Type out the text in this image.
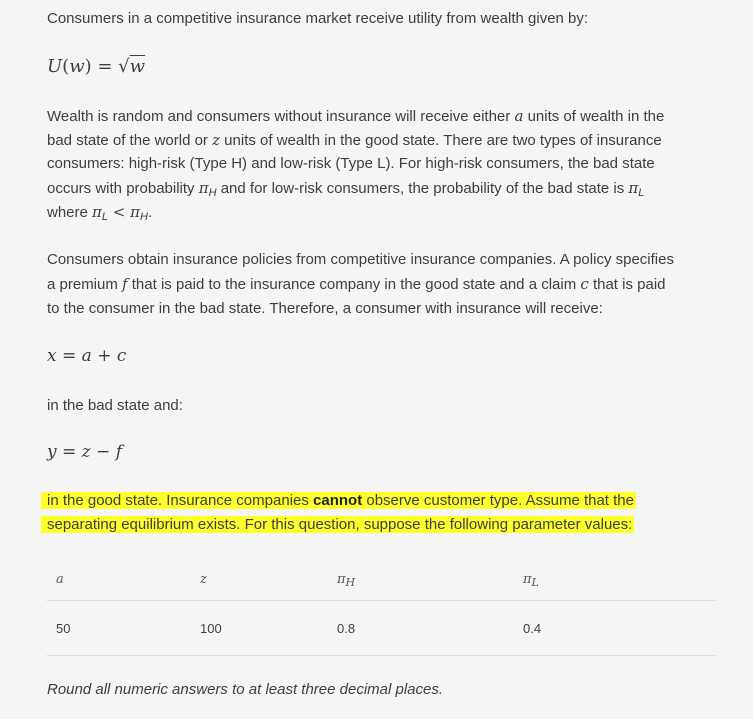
Consumers in a competitive insurance market receive utility from wealth given by:

U(w) = √w

Wealth is random and consumers without insurance will receive either a units of wealth in the

bad state of the world or z units of wealth in the good state. There are two types of insurance

consumers: high-risk (Type H) and low-risk (Type L). For high-risk consumers, the bad state

occurs with probability $\pi_H$ and for low-risk consumers, the probability of the bad state is $\pi_L$

where $\pi_L < \pi_H$.

Consumers obtain insurance policies from competitive insurance companies. A policy specifies

a premium f that is paid to the insurance company in the good state and a claim c that is paid

to the consumer in the bad state. Therefore, a consumer with insurance will receive:

x = a + c

in the bad state and:

y = z − f

in the good state. Insurance companies cannot observe customer type. Assume that the

separating equilibrium exists. For this question, suppose the following parameter values:

a	z	$\pi_H$	$\pi_L$
50	100	0.8	0.4

Round all numeric answers to at least three decimal places.
